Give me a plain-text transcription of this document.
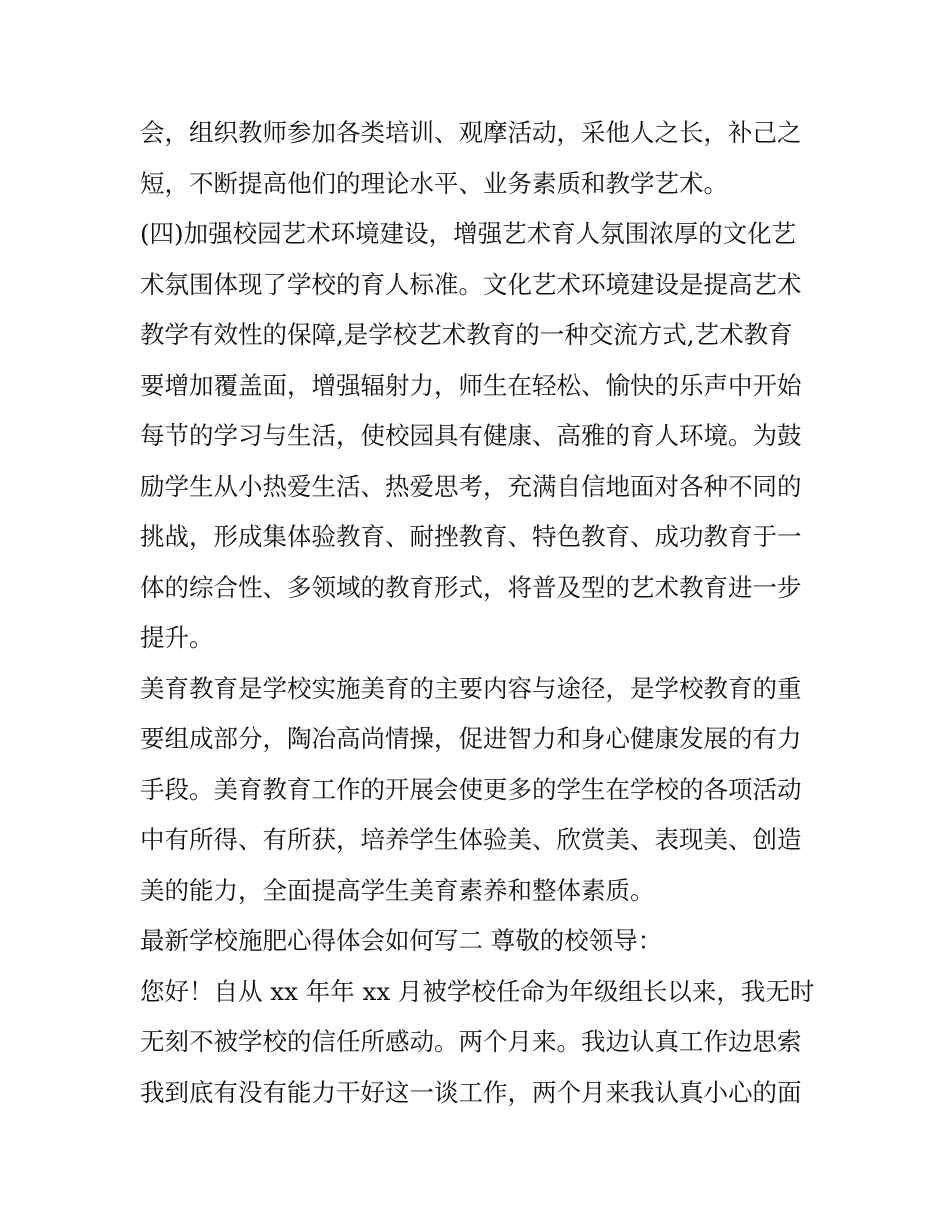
会，组织教师参加各类培训、观摩活动，采他人之长，补己之
短，不断提高他们的理论水平、业务素质和教学艺术。
(四)加强校园艺术环境建设，增强艺术育人氛围浓厚的文化艺
术氛围体现了学校的育人标准。文化艺术环境建设是提高艺术
教学有效性的保障,是学校艺术教育的一种交流方式,艺术教育
要增加覆盖面，增强辐射力，师生在轻松、愉快的乐声中开始
每节的学习与生活，使校园具有健康、高雅的育人环境。为鼓
励学生从小热爱生活、热爱思考，充满自信地面对各种不同的
挑战，形成集体验教育、耐挫教育、特色教育、成功教育于一
体的综合性、多领域的教育形式，将普及型的艺术教育进一步
提升。
美育教育是学校实施美育的主要内容与途径，是学校教育的重
要组成部分，陶冶高尚情操，促进智力和身心健康发展的有力
手段。美育教育工作的开展会使更多的学生在学校的各项活动
中有所得、有所获，培养学生体验美、欣赏美、表现美、创造
美的能力，全面提高学生美育素养和整体素质。
最新学校施肥心得体会如何写二 尊敬的校领导：
您好！自从 xx 年年 xx 月被学校任命为年级组长以来，我无时
无刻不被学校的信任所感动。两个月来。我边认真工作边思索
我到底有没有能力干好这一谈工作，两个月来我认真小心的面
